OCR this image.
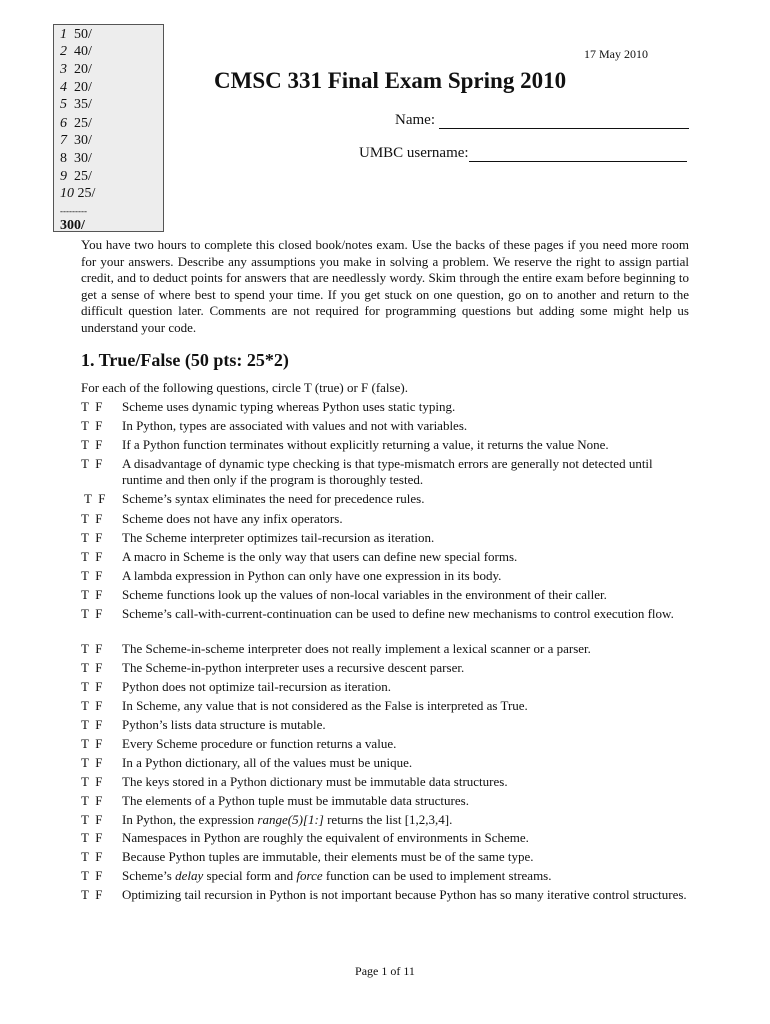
1 50/
2 40/
3 20/
4 20/
5 35/
6 25/
7 30/
8 30/
9 25/
10 25/
---------
300/
17 May 2010
CMSC 331 Final Exam Spring 2010
Name:
UMBC username:
You have two hours to complete this closed book/notes exam. Use the backs of these pages if you need more room for your answers. Describe any assumptions you make in solving a problem. We reserve the right to assign partial credit, and to deduct points for answers that are needlessly wordy. Skim through the entire exam before beginning to get a sense of where best to spend your time. If you get stuck on one question, go on to another and return to the difficult question later. Comments are not required for programming questions but adding some might help us understand your code.
1. True/False (50 pts: 25*2)
For each of the following questions, circle T (true) or F (false).
T  F Scheme uses dynamic typing whereas Python uses static typing.
T  F In Python, types are associated with values and not with variables.
T  F If a Python function terminates without explicitly returning a value, it returns the value None.
T  F A disadvantage of dynamic type checking is that type-mismatch errors are generally not detected until runtime and then only if the program is thoroughly tested.
T  F Scheme’s syntax eliminates the need for precedence rules.
T  F Scheme does not have any infix operators.
T  F The Scheme interpreter optimizes tail-recursion as iteration.
T  F A macro in Scheme is the only way that users can define new special forms.
T  F A lambda expression in Python can only have one expression in its body.
T  F Scheme functions look up the values of non-local variables in the environment of their caller.
T  F Scheme’s call-with-current-continuation can be used to define new mechanisms to control execution flow.
T  F The Scheme-in-scheme interpreter does not really implement a lexical scanner or a parser.
T  F The Scheme-in-python interpreter uses a recursive descent parser.
T  F Python does not optimize tail-recursion as iteration.
T  F In Scheme, any value that is not considered as the False is interpreted as True.
T  F Python’s lists data structure is mutable.
T  F Every Scheme procedure or function returns a value.
T  F In a Python dictionary, all of the values must be unique.
T  F The keys stored in a Python dictionary must be immutable data structures.
T  F The elements of a Python tuple must be immutable data structures.
T  F In Python, the expression range(5)[1:] returns the list [1,2,3,4].
T  F Namespaces in Python are roughly the equivalent of environments in Scheme.
T  F Because Python tuples are immutable, their elements must be of the same type.
T  F Scheme’s delay special form and force function can be used to implement streams.
T  F Optimizing tail recursion in Python is not important because Python has so many iterative control structures.
Page 1 of 11
